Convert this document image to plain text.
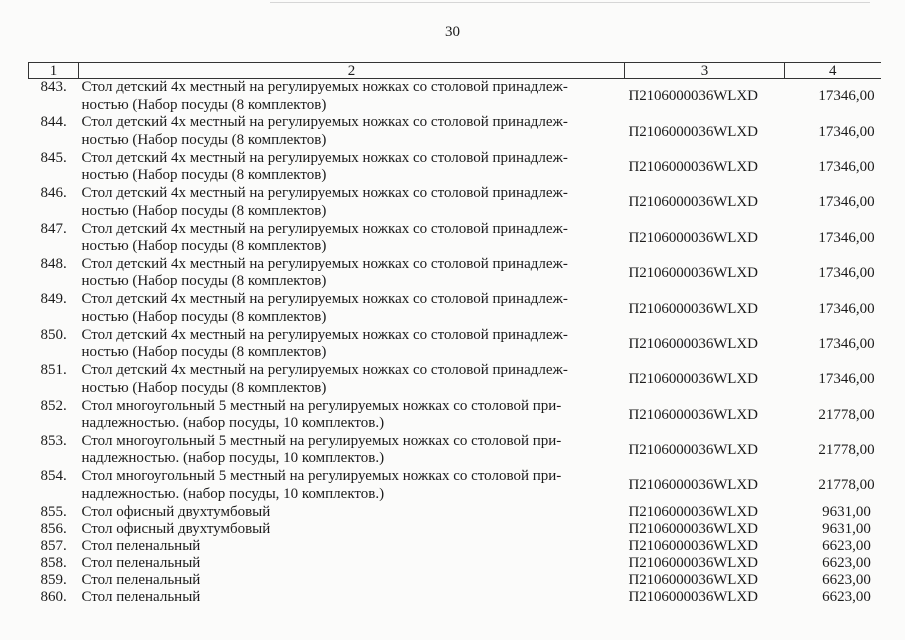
30
1	2	3	4
843.	Стол детский 4х местный на регулируемых ножках со столовой принадлеж-
ностью (Набор посуды (8 комплектов)	П2106000036WLXD	17346,00
844.	Стол детский 4х местный на регулируемых ножках со столовой принадлеж-
ностью (Набор посуды (8 комплектов)	П2106000036WLXD	17346,00
845.	Стол детский 4х местный на регулируемых ножках со столовой принадлеж-
ностью (Набор посуды (8 комплектов)	П2106000036WLXD	17346,00
846.	Стол детский 4х местный на регулируемых ножках со столовой принадлеж-
ностью (Набор посуды (8 комплектов)	П2106000036WLXD	17346,00
847.	Стол детский 4х местный на регулируемых ножках со столовой принадлеж-
ностью (Набор посуды (8 комплектов)	П2106000036WLXD	17346,00
848.	Стол детский 4х местный на регулируемых ножках со столовой принадлеж-
ностью (Набор посуды (8 комплектов)	П2106000036WLXD	17346,00
849.	Стол детский 4х местный на регулируемых ножках со столовой принадлеж-
ностью (Набор посуды (8 комплектов)	П2106000036WLXD	17346,00
850.	Стол детский 4х местный на регулируемых ножках со столовой принадлеж-
ностью (Набор посуды (8 комплектов)	П2106000036WLXD	17346,00
851.	Стол детский 4х местный на регулируемых ножках со столовой принадлеж-
ностью (Набор посуды (8 комплектов)	П2106000036WLXD	17346,00
852.	Стол многоугольный 5 местный на регулируемых ножках со столовой при-
надлежностью. (набор посуды, 10 комплектов.)	П2106000036WLXD	21778,00
853.	Стол многоугольный 5 местный на регулируемых ножках со столовой при-
надлежностью. (набор посуды, 10 комплектов.)	П2106000036WLXD	21778,00
854.	Стол многоугольный 5 местный на регулируемых ножках со столовой при-
надлежностью. (набор посуды, 10 комплектов.)	П2106000036WLXD	21778,00
855.	Стол офисный двухтумбовый	П2106000036WLXD	9631,00
856.	Стол офисный двухтумбовый	П2106000036WLXD	9631,00
857.	Стол пеленальный	П2106000036WLXD	6623,00
858.	Стол пеленальный	П2106000036WLXD	6623,00
859.	Стол пеленальный	П2106000036WLXD	6623,00
860.	Стол пеленальный	П2106000036WLXD	6623,00
